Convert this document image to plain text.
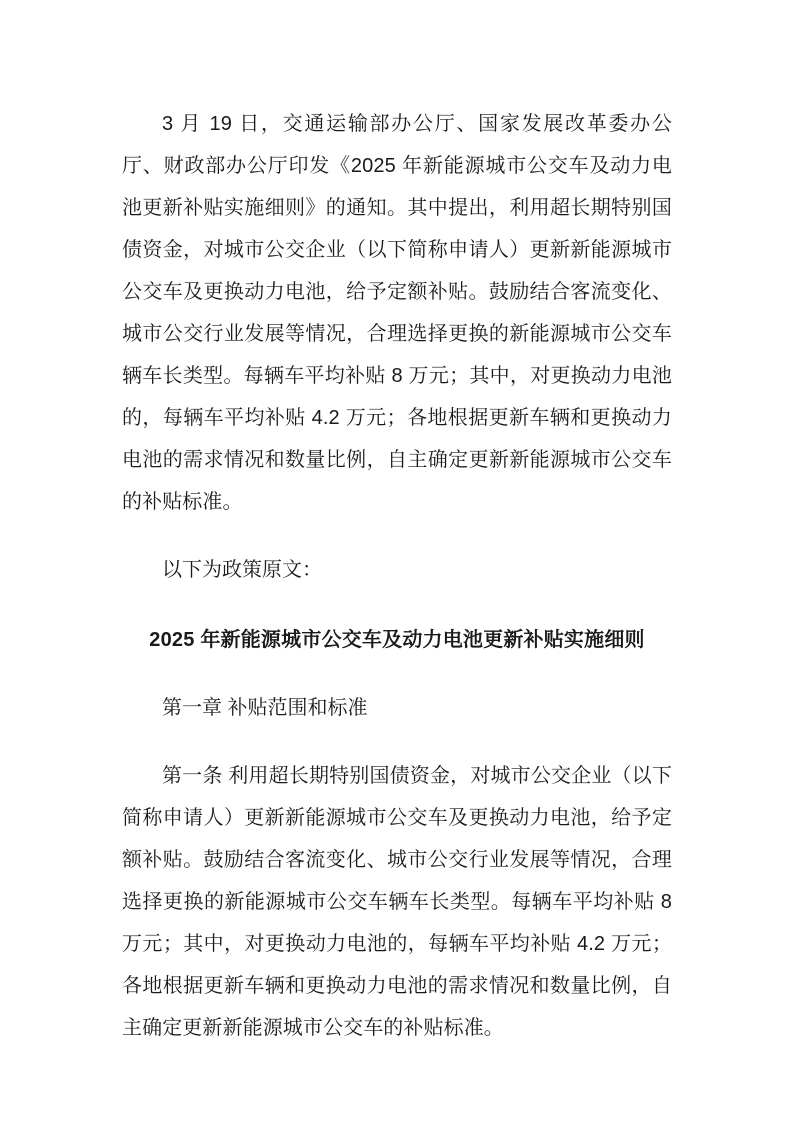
3 月 19 日，交通运输部办公厅、国家发展改革委办公厅、财政部办公厅印发《2025 年新能源城市公交车及动力电池更新补贴实施细则》的通知。其中提出，利用超长期特别国债资金，对城市公交企业（以下简称申请人）更新新能源城市公交车及更换动力电池，给予定额补贴。鼓励结合客流变化、城市公交行业发展等情况，合理选择更换的新能源城市公交车辆车长类型。每辆车平均补贴 8 万元；其中，对更换动力电池的，每辆车平均补贴 4.2 万元；各地根据更新车辆和更换动力电池的需求情况和数量比例，自主确定更新新能源城市公交车的补贴标准。

以下为政策原文：

2025 年新能源城市公交车及动力电池更新补贴实施细则

第一章 补贴范围和标准

第一条 利用超长期特别国债资金，对城市公交企业（以下简称申请人）更新新能源城市公交车及更换动力电池，给予定额补贴。鼓励结合客流变化、城市公交行业发展等情况，合理选择更换的新能源城市公交车辆车长类型。每辆车平均补贴 8 万元；其中，对更换动力电池的，每辆车平均补贴 4.2 万元；各地根据更新车辆和更换动力电池的需求情况和数量比例，自主确定更新新能源城市公交车的补贴标准。
